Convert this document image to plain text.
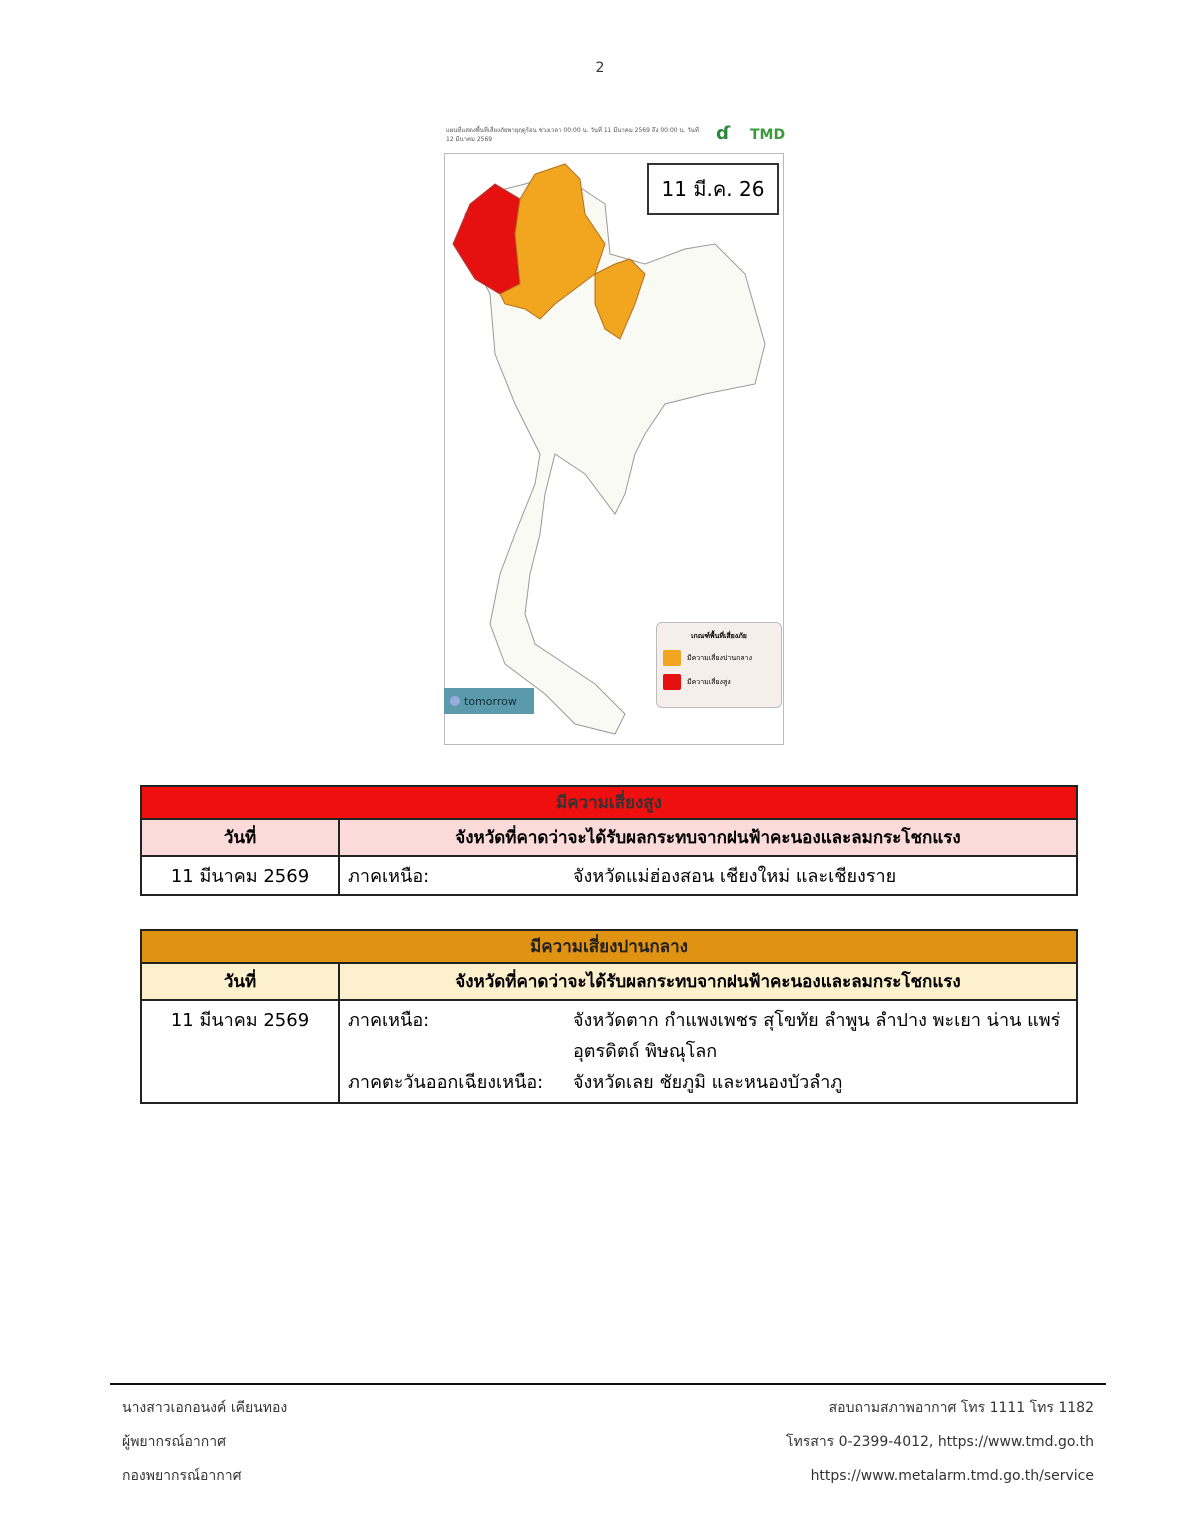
2
แผนที่แสดงพื้นที่เสี่ยงภัยพายุฤดูร้อน ช่วงเวลา 00:00 น. วันที่ 11 มีนาคม 2569 ถึง 00:00 น. วันที่ 12 มีนาคม 2569	ɗ TMD
11 มี.ค. 26
เกณฑ์พื้นที่เสี่ยงภัย
มีความเสี่ยงปานกลาง
มีความเสี่ยงสูง
tomorrow
มีความเสี่ยงสูง	
วันที่	จังหวัดที่คาดว่าจะได้รับผลกระทบจากฝนฟ้าคะนองและลมกระโชกแรง
11 มีนาคม 2569	ภาคเหนือ: จังหวัดแม่ฮ่องสอน เชียงใหม่ และเชียงราย
มีความเสี่ยงปานกลาง	
วันที่	จังหวัดที่คาดว่าจะได้รับผลกระทบจากฝนฟ้าคะนองและลมกระโชกแรง
11 มีนาคม 2569	ภาคเหนือ: จังหวัดตาก กำแพงเพชร สุโขทัย ลำพูน ลำปาง พะเยา น่าน แพร่ อุตรดิตถ์ พิษณุโลก
ภาคตะวันออกเฉียงเหนือ: จังหวัดเลย ชัยภูมิ และหนองบัวลำภู
นางสาวเอกอนงค์ เคียนทอง
ผู้พยากรณ์อากาศ
กองพยากรณ์อากาศ
สอบถามสภาพอากาศ โทร 1111 โทร 1182
โทรสาร 0-2399-4012, https://www.tmd.go.th
https://www.metalarm.tmd.go.th/service
